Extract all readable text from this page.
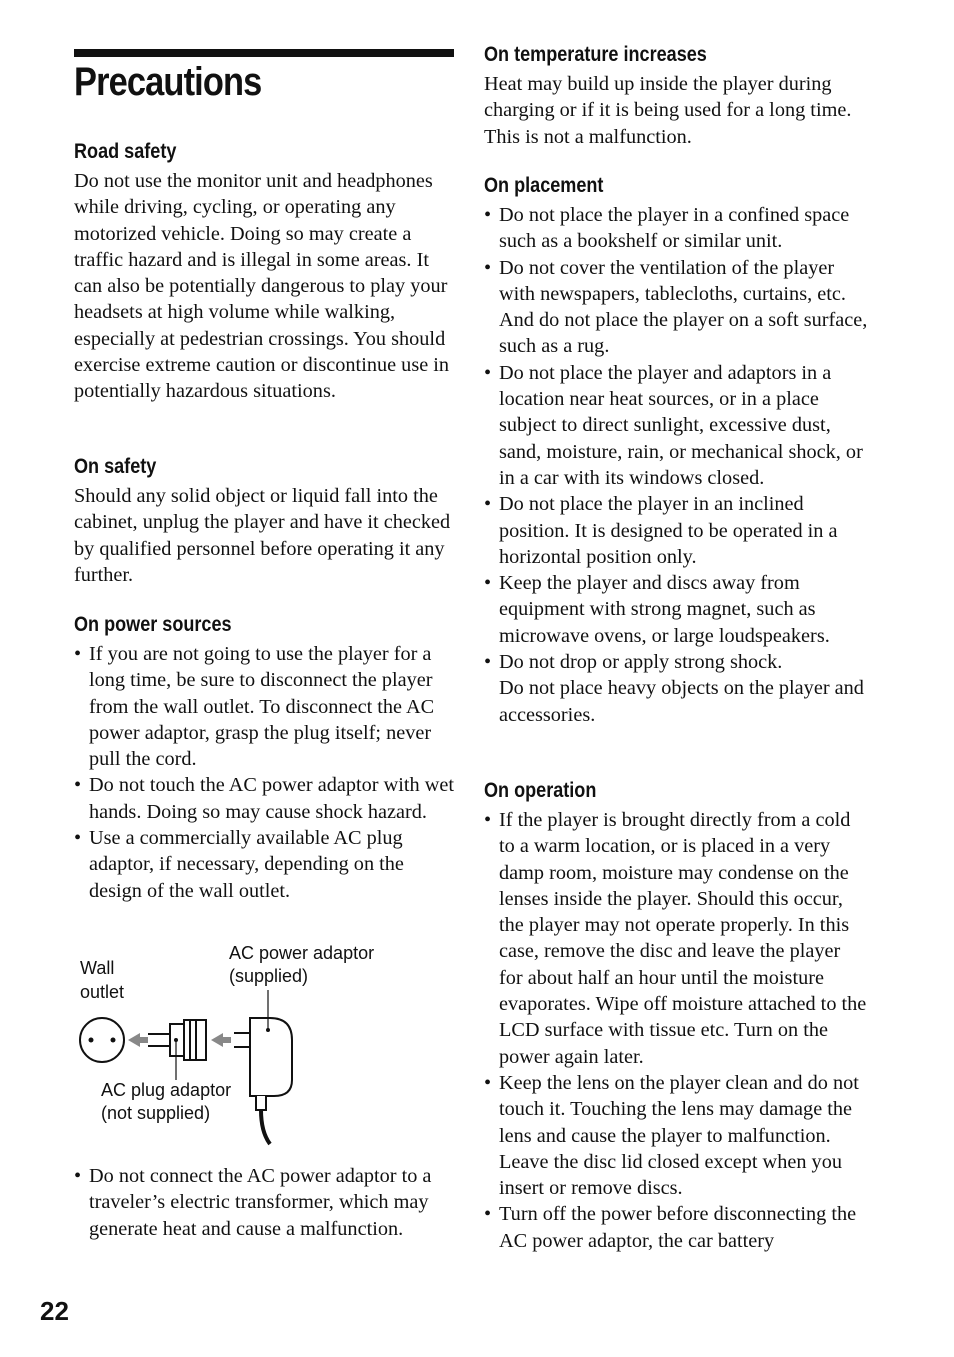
Precautions
Road safety

Do not use the monitor unit and headphones while driving, cycling, or operating any motorized vehicle. Doing so may create a traffic hazard and is illegal in some areas. It can also be potentially dangerous to play your headsets at high volume while walking, especially at pedestrian crossings. You should exercise extreme caution or discontinue use in potentially hazardous situations.

On safety

Should any solid object or liquid fall into the cabinet, unplug the player and have it checked by qualified personnel before operating it any further.

On power sources
• If you are not going to use the player for a long time, be sure to disconnect the player from the wall outlet. To disconnect the AC power adaptor, grasp the plug itself; never pull the cord.
• Do not touch the AC power adaptor with wet hands. Doing so may cause shock hazard.
• Use a commercially available AC plug adaptor, if necessary, depending on the design of the wall outlet.
• Do not connect the AC power adaptor to a traveler’s electric transformer, which may generate heat and cause a malfunction.
Wall
outlet
AC power adaptor
(supplied)
AC plug adaptor
(not supplied)
On temperature increases

Heat may build up inside the player during charging or if it is being used for a long time. This is not a malfunction.

On placement
• Do not place the player in a confined space such as a bookshelf or similar unit.
• Do not cover the ventilation of the player with newspapers, tablecloths, curtains, etc. And do not place the player on a soft surface, such as a rug.
• Do not place the player and adaptors in a location near heat sources, or in a place subject to direct sunlight, excessive dust, sand, moisture, rain, or mechanical shock, or in a car with its windows closed.
• Do not place the player in an inclined position. It is designed to be operated in a horizontal position only.
• Keep the player and discs away from equipment with strong magnet, such as microwave ovens, or large loudspeakers.
• Do not drop or apply strong shock.
Do not place heavy objects on the player and accessories.
On operation
• If the player is brought directly from a cold to a warm location, or is placed in a very damp room, moisture may condense on the lenses inside the player. Should this occur, the player may not operate properly. In this case, remove the disc and leave the player for about half an hour until the moisture evaporates. Wipe off moisture attached to the LCD surface with tissue etc. Turn on the power again later.
• Keep the lens on the player clean and do not touch it. Touching the lens may damage the lens and cause the player to malfunction. Leave the disc lid closed except when you insert or remove discs.
• Turn off the power before disconnecting the AC power adaptor, the car battery
22
